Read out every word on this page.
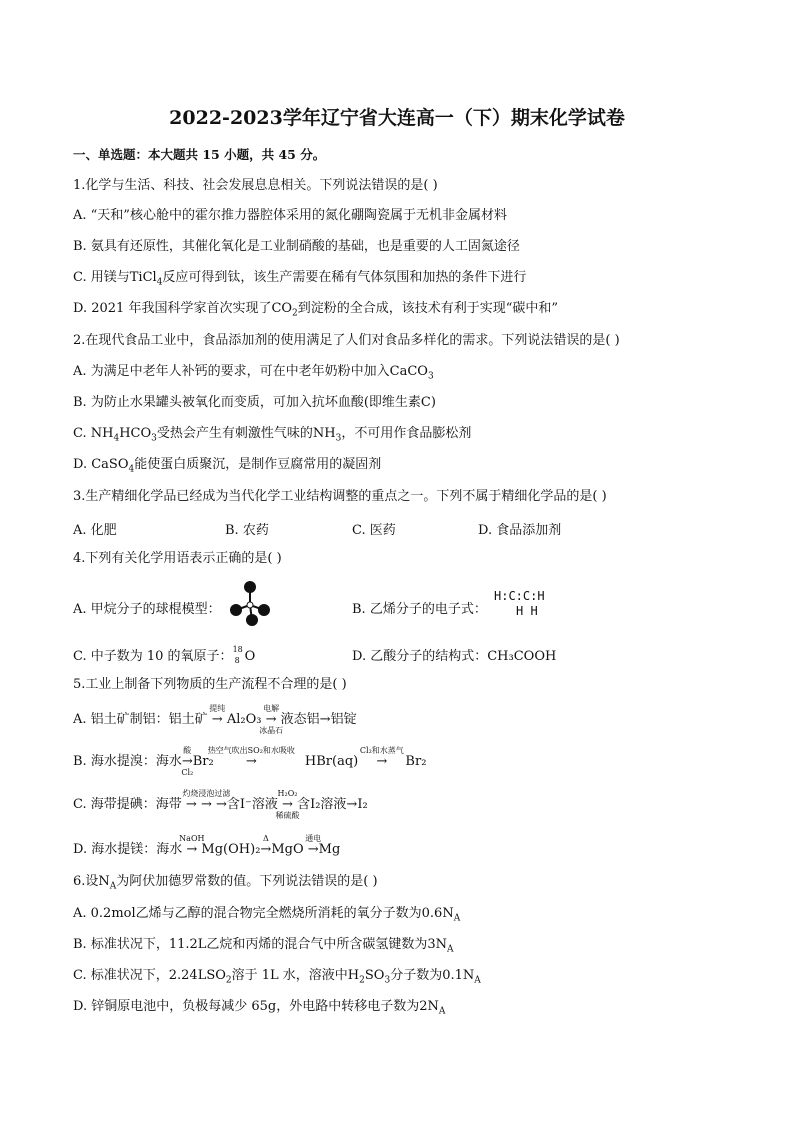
2022-2023学年辽宁省大连高一（下）期末化学试卷
一、单选题：本大题共 15 小题，共 45 分。
1.化学与生活、科技、社会发展息息相关。下列说法错误的是( )
A. “天和”核心舱中的霍尔推力器腔体采用的氮化硼陶瓷属于无机非金属材料
B. 氨具有还原性，其催化氧化是工业制硝酸的基础，也是重要的人工固氮途径
C. 用镁与TiCl$_4$反应可得到钛，该生产需要在稀有气体氛围和加热的条件下进行
D. 2021 年我国科学家首次实现了$CO_2$到淀粉的全合成，该技术有利于实现“碳中和”
2.在现代食品工业中，食品添加剂的使用满足了人们对食品多样化的需求。下列说法错误的是( )
A. 为满足中老年人补钙的要求，可在中老年奶粉中加入CaCO$_3$
B. 为防止水果罐头被氧化而变质，可加入抗坏血酸(即维生素C)
C. $NH_4HCO_3$受热会产生有刺激性气味的$NH_3$，不可用作食品膨松剂
D. CaSO$_4$能使蛋白质聚沉，是制作豆腐常用的凝固剂
3.生产精细化学品已经成为当代化学工业结构调整的重点之一。下列不属于精细化学品的是( )
A. 化肥	B. 农药	C. 医药	D. 食品添加剂
4.下列有关化学用语表示正确的是( )
A. 甲烷分子的球棍模型：	B. 乙烯分子的电子式：
H:C:C:H
H H
C. 中子数为 10 的氧原子： 18
8 O	D. 乙酸分子的结构式：CH₃COOH
5.工业上制备下列物质的生产流程不合理的是( )
A. 铝土矿制铝：铝土矿
提纯
→ Al₂O₃
电解
→
冰晶石
液态铝→铝锭
B. 海水提溴：海水
酸
→
Cl₂
Br₂
热空气吹出SO₂和水吸收
→	HBr(aq)
Cl₂和水蒸气
→ Br₂
C. 海带提碘：海带
灼烧浸泡过滤
→ → →含I⁻溶液
H₂O₂
→
稀硫酸
含I₂溶液→I₂
D. 海水提镁：海水
NaOH
→ Mg(OH)₂
Δ
→MgO
通电
→Mg
6.设$N_A$为阿伏加德罗常数的值。下列说法错误的是( )
A. 0.2mol乙烯与乙醇的混合物完全燃烧所消耗的氧分子数为$0.6N_A$
B. 标准状况下，11.2L乙烷和丙烯的混合气中所含碳氢键数为$3N_A$
C. 标准状况下，$2.24LSO_2$溶于 1L 水，溶液中$H_2SO_3$分子数为$0.1N_A$
D. 锌铜原电池中，负极每减少 65g，外电路中转移电子数为$2N_A$
